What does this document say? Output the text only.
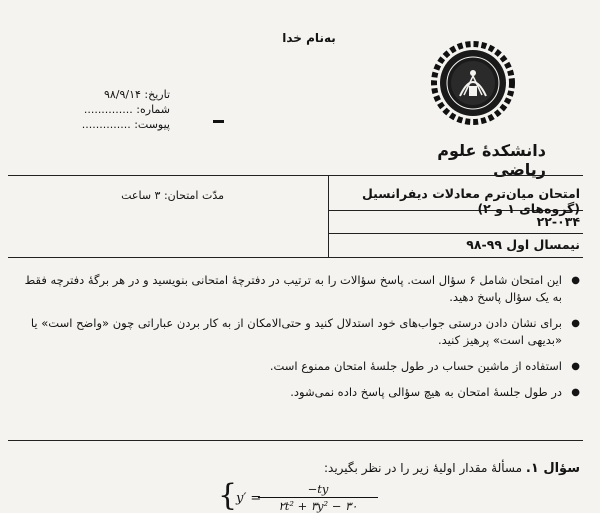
به‌نام خدا
تاریخ: ۹۸/۹/۱۴
شماره: ..............
پیوست: ..............
دانشکدهٔ علوم ریاضی
مدّت امتحان: ۳ ساعت	امتحان میان‌ترم معادلات دیفرانسیل (گروه‌های ۱ و ۲)
۲۲-۰۳۴
نیمسال اول ۹۹-۹۸
● این امتحان شامل ۶ سؤال است. پاسخ سؤالات را به ترتیب در دفترچهٔ امتحانی بنویسید و در هر برگهٔ دفترچه فقط به یک سؤال پاسخ دهید.
● برای نشان دادن درستی جواب‌های خود استدلال کنید و حتی‌الامکان از به کار بردن عباراتی چون «واضح است» یا «بدیهی است» پرهیز کنید.
● استفاده از ماشین حساب در طول جلسهٔ امتحان ممنوع است.
● در طول جلسهٔ امتحان به هیچ سؤالی پاسخ داده نمی‌شود.
سؤال ۱. مسألهٔ مقدار اولیهٔ زیر را در نظر بگیرید:
{
y′ =
−ty
۲t² + ۳y² − ۳۰
